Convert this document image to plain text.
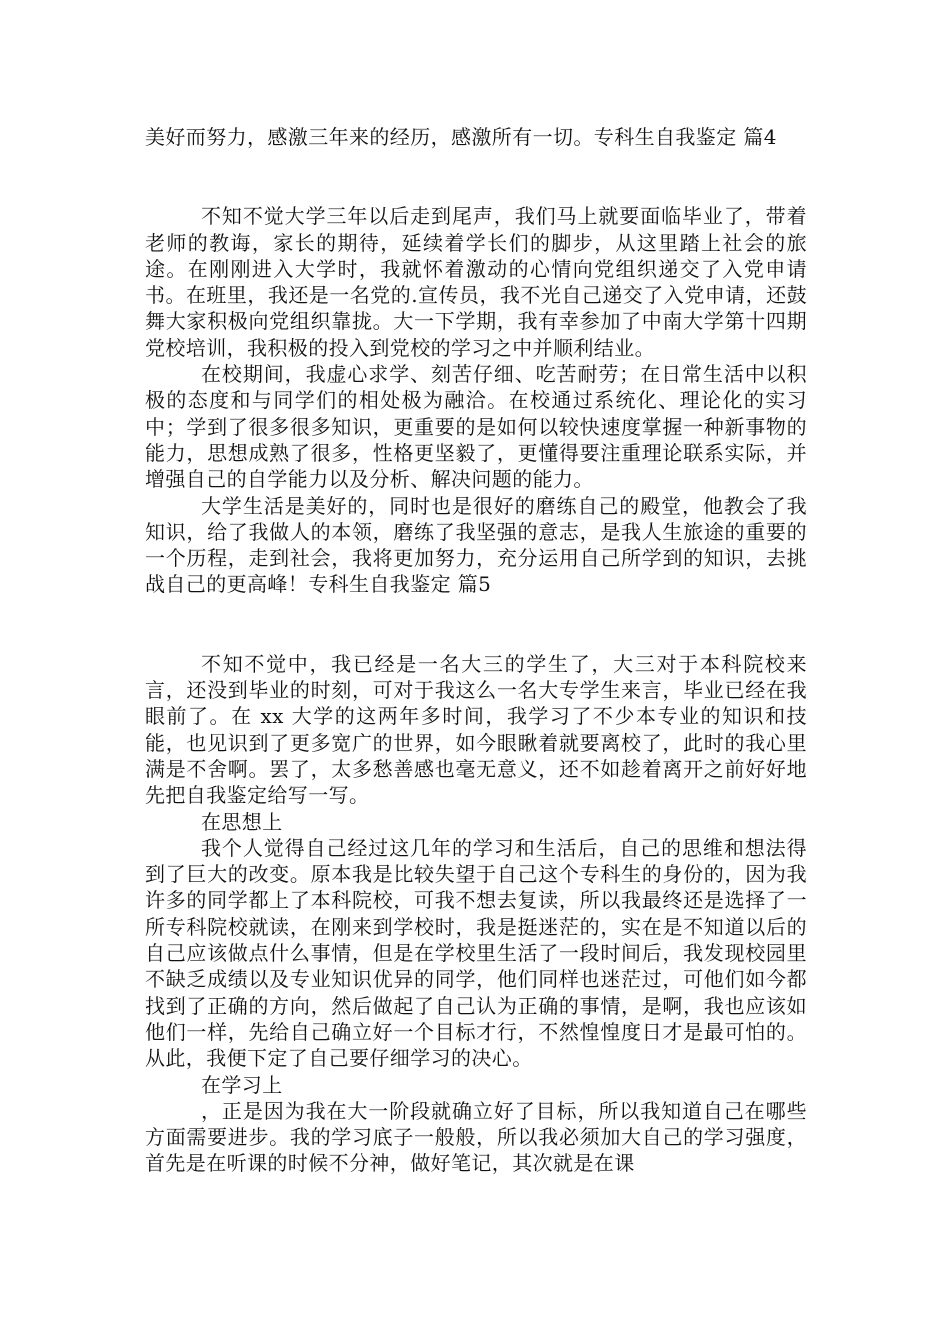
美好而努力，感激三年来的经历，感激所有一切。专科生自我鉴定 篇4

不知不觉大学三年以后走到尾声，我们马上就要面临毕业了，带着老师的教诲，家长的期待，延续着学长们的脚步，从这里踏上社会的旅途。在刚刚进入大学时，我就怀着激动的心情向党组织递交了入党申请书。在班里，我还是一名党的.宣传员，我不光自己递交了入党申请，还鼓舞大家积极向党组织靠拢。大一下学期，我有幸参加了中南大学第十四期党校培训，我积极的投入到党校的学习之中并顺利结业。

在校期间，我虚心求学、刻苦仔细、吃苦耐劳；在日常生活中以积极的态度和与同学们的相处极为融洽。在校通过系统化、理论化的实习中；学到了很多很多知识，更重要的是如何以较快速度掌握一种新事物的能力，思想成熟了很多，性格更坚毅了，更懂得要注重理论联系实际，并增强自己的自学能力以及分析、解决问题的能力。

大学生活是美好的，同时也是很好的磨练自己的殿堂，他教会了我知识，给了我做人的本领，磨练了我坚强的意志，是我人生旅途的重要的一个历程，走到社会，我将更加努力，充分运用自己所学到的知识，去挑战自己的更高峰！专科生自我鉴定 篇5

不知不觉中，我已经是一名大三的学生了，大三对于本科院校来言，还没到毕业的时刻，可对于我这么一名大专学生来言，毕业已经在我眼前了。在 xx 大学的这两年多时间，我学习了不少本专业的知识和技能，也见识到了更多宽广的世界，如今眼瞅着就要离校了，此时的我心里满是不舍啊。罢了，太多愁善感也毫无意义，还不如趁着离开之前好好地先把自我鉴定给写一写。

在思想上

我个人觉得自己经过这几年的学习和生活后，自己的思维和想法得到了巨大的改变。原本我是比较失望于自己这个专科生的身份的，因为我许多的同学都上了本科院校，可我不想去复读，所以我最终还是选择了一所专科院校就读，在刚来到学校时，我是挺迷茫的，实在是不知道以后的自己应该做点什么事情，但是在学校里生活了一段时间后，我发现校园里不缺乏成绩以及专业知识优异的同学，他们同样也迷茫过，可他们如今都找到了正确的方向，然后做起了自己认为正确的事情，是啊，我也应该如他们一样，先给自己确立好一个目标才行，不然惶惶度日才是最可怕的。从此，我便下定了自己要仔细学习的决心。

在学习上

，正是因为我在大一阶段就确立好了目标，所以我知道自己在哪些方面需要进步。我的学习底子一般般，所以我必须加大自己的学习强度，首先是在听课的时候不分神，做好笔记，其次就是在课
